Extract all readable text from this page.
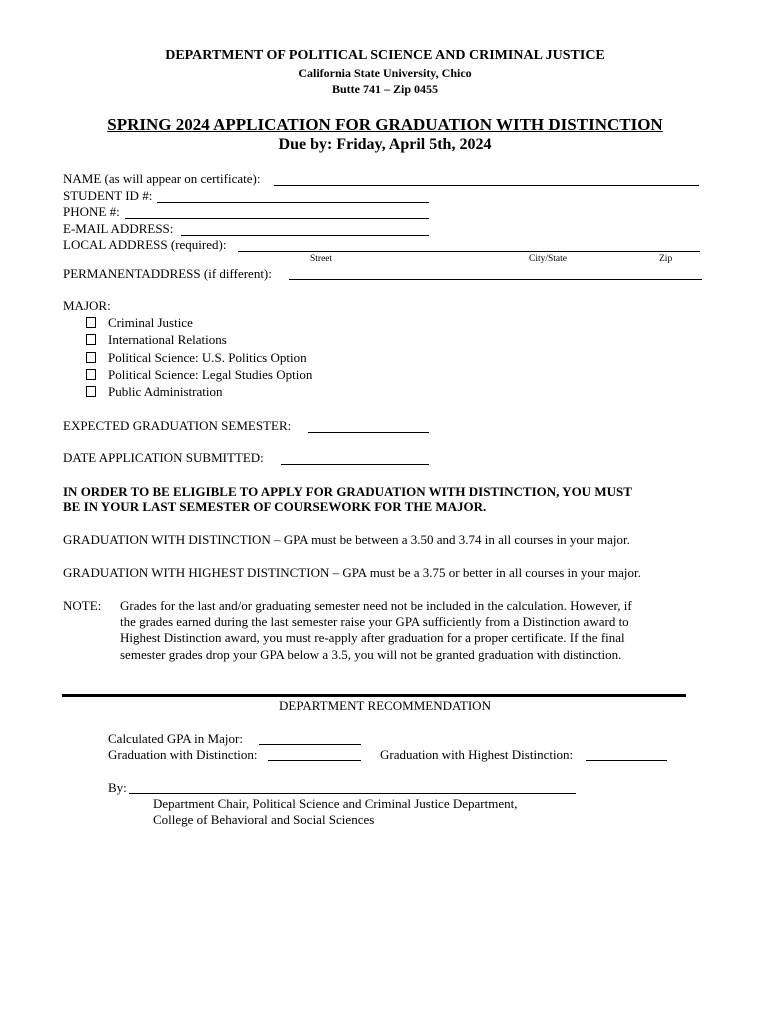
DEPARTMENT OF POLITICAL SCIENCE AND CRIMINAL JUSTICE
California State University, Chico
Butte 741 – Zip 0455
SPRING 2024 APPLICATION FOR GRADUATION WITH DISTINCTION
Due by: Friday, April 5th, 2024
NAME (as will appear on certificate):
STUDENT ID #:
PHONE #:
E-MAIL ADDRESS:
LOCAL ADDRESS (required):
Street	City/State	Zip
PERMANENTADDRESS (if different):
MAJOR:
Criminal Justice
International Relations
Political Science: U.S. Politics Option
Political Science: Legal Studies Option
Public Administration
EXPECTED GRADUATION SEMESTER:
DATE APPLICATION SUBMITTED:
IN ORDER TO BE ELIGIBLE TO APPLY FOR GRADUATION WITH DISTINCTION, YOU MUST
BE IN YOUR LAST SEMESTER OF COURSEWORK FOR THE MAJOR.
GRADUATION WITH DISTINCTION – GPA must be between a 3.50 and 3.74 in all courses in your major.
GRADUATION WITH HIGHEST DISTINCTION – GPA must be a 3.75 or better in all courses in your major.
NOTE: Grades for the last and/or graduating semester need not be included in the calculation. However, if
the grades earned during the last semester raise your GPA sufficiently from a Distinction award to
Highest Distinction award, you must re-apply after graduation for a proper certificate. If the final
semester grades drop your GPA below a 3.5, you will not be granted graduation with distinction.
DEPARTMENT RECOMMENDATION
Calculated GPA in Major:
Graduation with Distinction:	Graduation with Highest Distinction:
By:
Department Chair, Political Science and Criminal Justice Department,
College of Behavioral and Social Sciences
